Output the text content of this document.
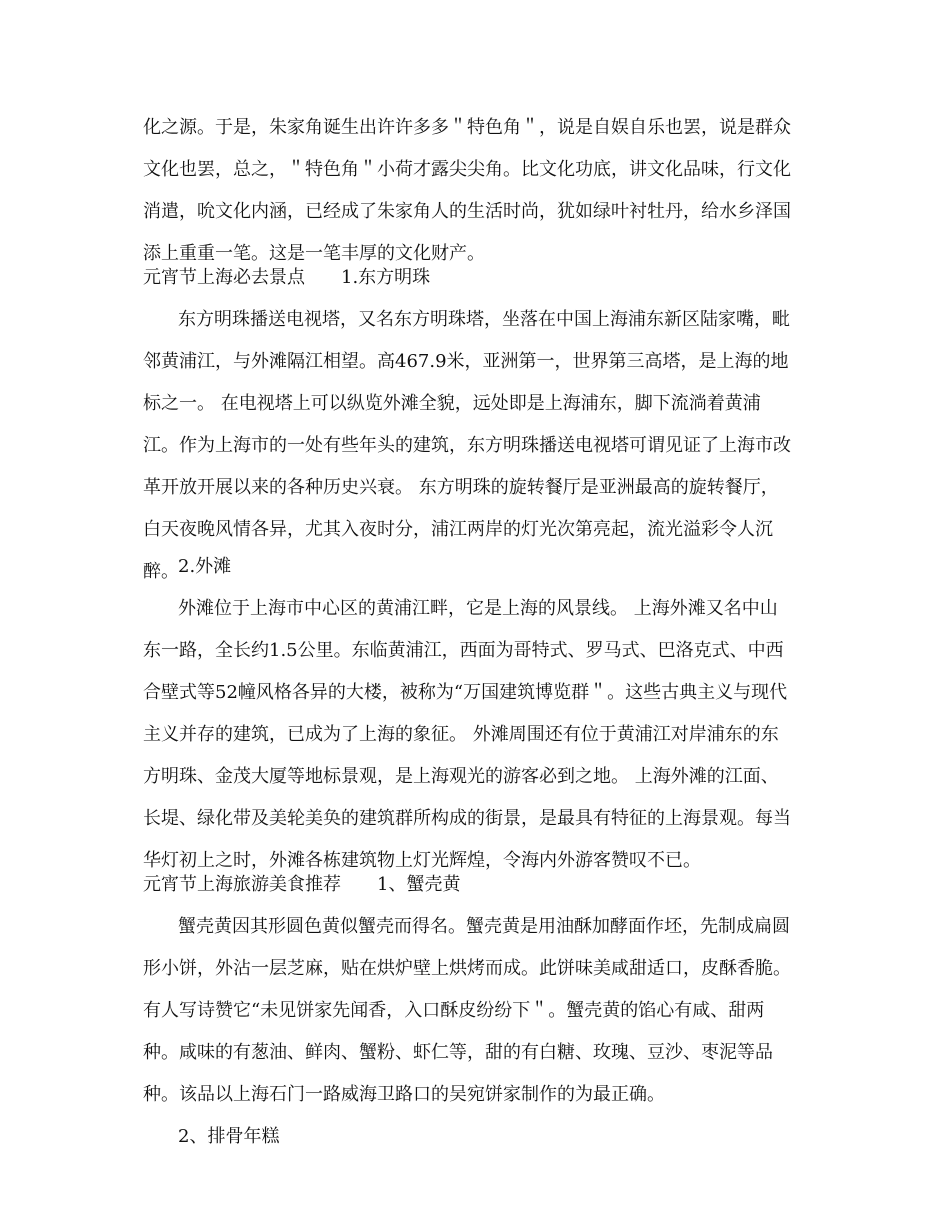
化之源。于是，朱家角诞生出许许多多＂特色角＂，说是自娱自乐也罢，说是群众
文化也罢，总之，＂特色角＂小荷才露尖尖角。比文化功底，讲文化品味，行文化
消遣，吮文化内涵，已经成了朱家角人的生活时尚，犹如绿叶衬牡丹，给水乡泽国
添上重重一笔。这是一笔丰厚的文化财产。
元宵节上海必去景点 1.东方明珠
东方明珠播送电视塔，又名东方明珠塔，坐落在中国上海浦东新区陆家嘴，毗
邻黄浦江，与外滩隔江相望。高467.9米，亚洲第一，世界第三高塔，是上海的地
标之一。 在电视塔上可以纵览外滩全貌，远处即是上海浦东，脚下流淌着黄浦
江。作为上海市的一处有些年头的建筑，东方明珠播送电视塔可谓见证了上海市改
革开放开展以来的各种历史兴衰。 东方明珠的旋转餐厅是亚洲最高的旋转餐厅，
白天夜晚风情各异，尤其入夜时分，浦江两岸的灯光次第亮起，流光溢彩令人沉
醉。 2.外滩
外滩位于上海市中心区的黄浦江畔，它是上海的风景线。 上海外滩又名中山
东一路，全长约1.5公里。东临黄浦江，西面为哥特式、罗马式、巴洛克式、中西
合壁式等52幢风格各异的大楼，被称为“万国建筑博览群＂。这些古典主义与现代
主义并存的建筑，已成为了上海的象征。 外滩周围还有位于黄浦江对岸浦东的东
方明珠、金茂大厦等地标景观，是上海观光的游客必到之地。 上海外滩的江面、
长堤、绿化带及美轮美奂的建筑群所构成的街景，是最具有特征的上海景观。每当
华灯初上之时，外滩各栋建筑物上灯光辉煌，令海内外游客赞叹不已。
元宵节上海旅游美食推荐 1、蟹壳黄
蟹壳黄因其形圆色黄似蟹壳而得名。蟹壳黄是用油酥加酵面作坯，先制成扁圆
形小饼，外沾一层芝麻，贴在烘炉壁上烘烤而成。此饼味美咸甜适口，皮酥香脆。
有人写诗赞它“未见饼家先闻香，入口酥皮纷纷下＂。蟹壳黄的馅心有咸、甜两
种。咸味的有葱油、鲜肉、蟹粉、虾仁等，甜的有白糖、玫瑰、豆沙、枣泥等品
种。该品以上海石门一路威海卫路口的吴宛饼家制作的为最正确。
2、排骨年糕
